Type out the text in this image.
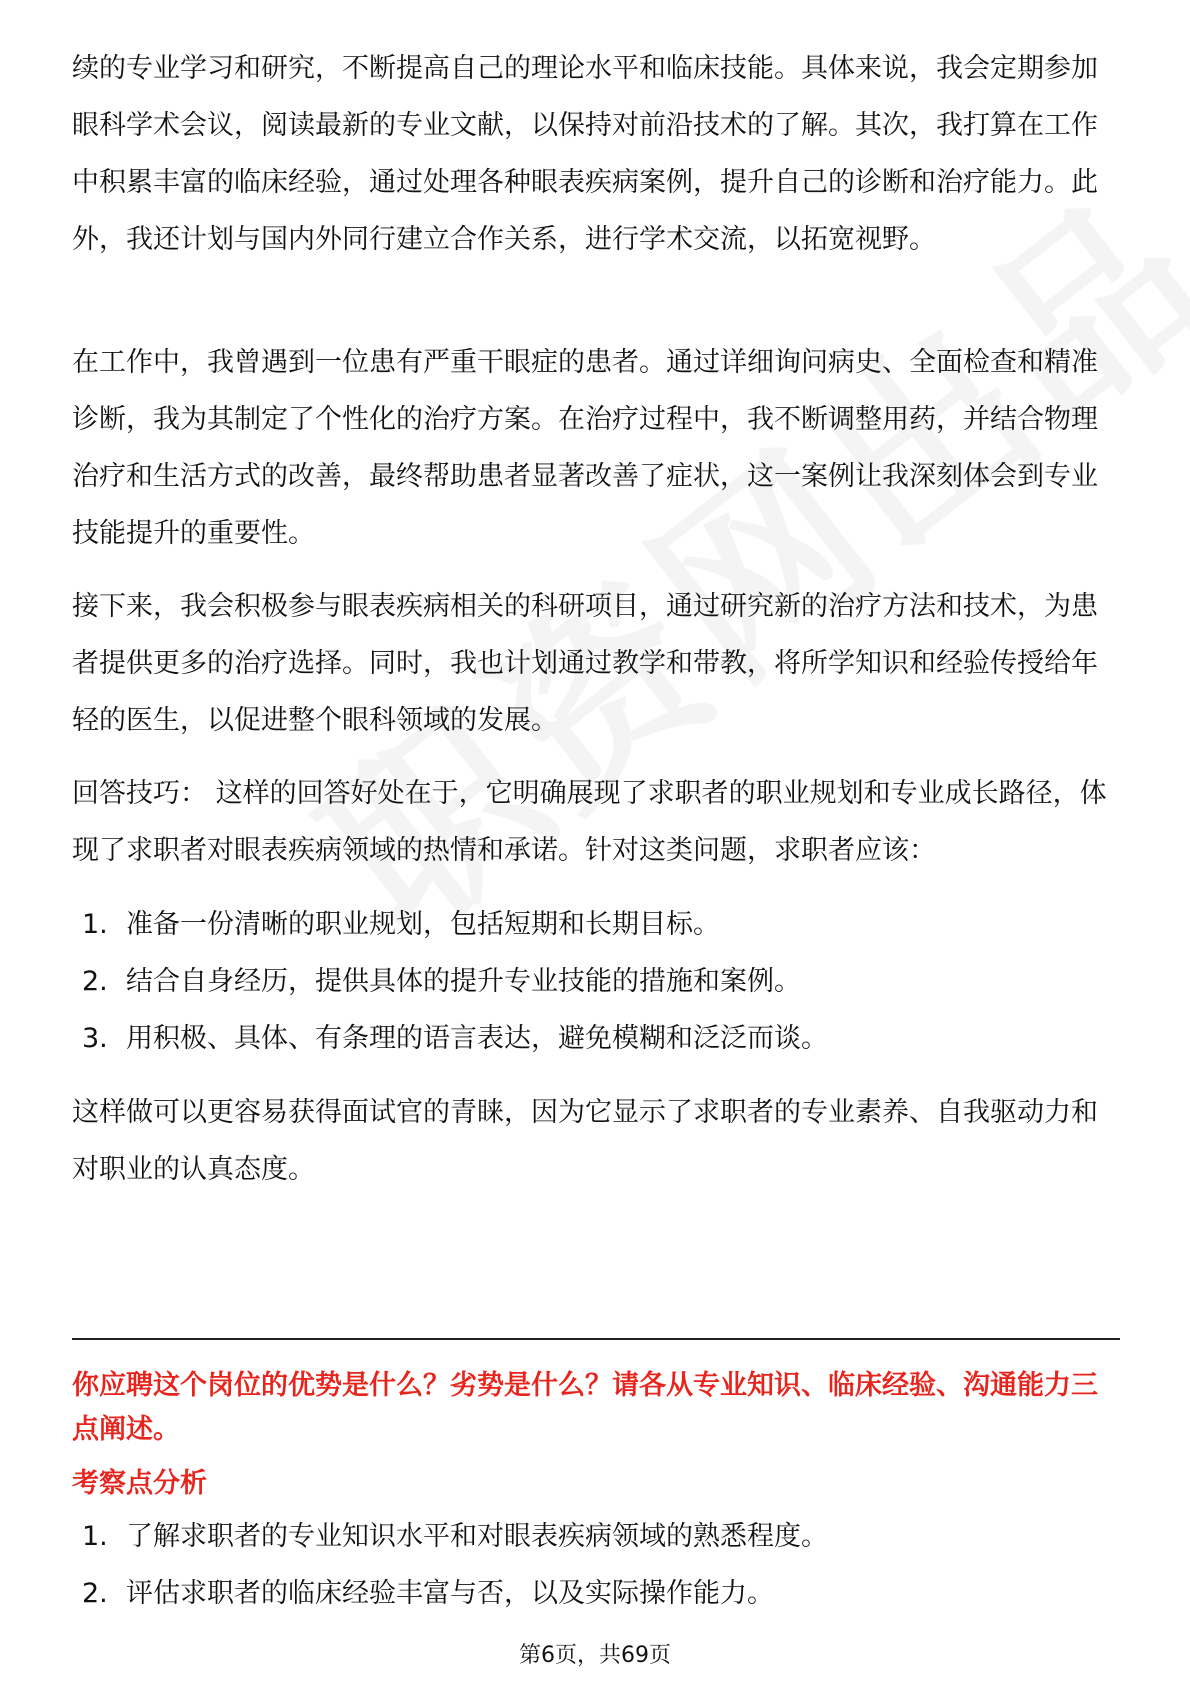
续的专业学习和研究，不断提高自己的理论水平和临床技能。具体来说，我会定期参加眼科学术会议，阅读最新的专业文献，以保持对前沿技术的了解。其次，我打算在工作中积累丰富的临床经验，通过处理各种眼表疾病案例，提升自己的诊断和治疗能力。此外，我还计划与国内外同行建立合作关系，进行学术交流，以拓宽视野。

在工作中，我曾遇到一位患有严重干眼症的患者。通过详细询问病史、全面检查和精准诊断，我为其制定了个性化的治疗方案。在治疗过程中，我不断调整用药，并结合物理治疗和生活方式的改善，最终帮助患者显著改善了症状，这一案例让我深刻体会到专业技能提升的重要性。

接下来，我会积极参与眼表疾病相关的科研项目，通过研究新的治疗方法和技术，为患者提供更多的治疗选择。同时，我也计划通过教学和带教，将所学知识和经验传授给年轻的医生，以促进整个眼科领域的发展。

回答技巧： 这样的回答好处在于，它明确展现了求职者的职业规划和专业成长路径，体现了求职者对眼表疾病领域的热情和承诺。针对这类问题，求职者应该：

1. 准备一份清晰的职业规划，包括短期和长期目标。
2. 结合自身经历，提供具体的提升专业技能的措施和案例。
3. 用积极、具体、有条理的语言表达，避免模糊和泛泛而谈。

这样做可以更容易获得面试官的青睐，因为它显示了求职者的专业素养、自我驱动力和对职业的认真态度。

你应聘这个岗位的优势是什么？劣势是什么？请各从专业知识、临床经验、沟通能力三点阐述。

考察点分析

1. 了解求职者的专业知识水平和对眼表疾病领域的熟悉程度。
2. 评估求职者的临床经验丰富与否，以及实际操作能力。
第6页，共69页
